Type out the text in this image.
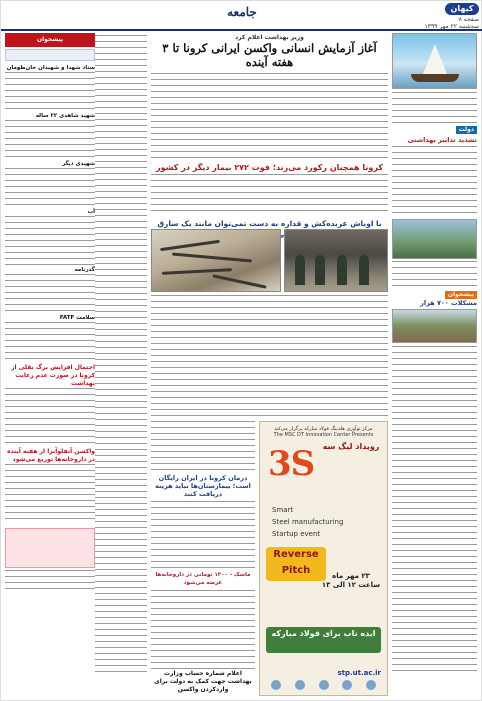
کیهان
صفحه ۸
سه‌شنبه ۲۲ مهر ۱۳۹۹
جامعه
دولت
تشدید تدابیر بهداشتی
پیشخوان
مشکلات ۷۰۰ هزار
وزیر بهداشت اعلام کرد
آغاز آزمایش انسانی واکسن ایرانی کرونا تا ۳ هفته آینده
کرونا همچنان رکورد می‌زند؛ فوت ۲۷۲ بیمار دیگر در کشور
با اوباش عربده‌کش و قداره به دست تمی‌توان مانند یک سارق
مرکز نوآوری هلدینگ فولاد مبارکه پرگزار می‌کند
The MSC DT Innovation Center Presents
3S رویداد لیگ سه
Smart
Steel manufacturing
Startup event
Reverse Pitch	۲۳ مهر ماه ساعت ۱۲ الی ۱۳
ایده ناب برای فولاد مبارکه
stp.ut.ac.ir
درمان کرونا در ایران رایگان است؛ بیمارستان‌ها نباید هزینه دریافت کنند
ماسک - ۱۳۰۰ تومانی در داروخانه‌ها عرضه می‌شود
اعلام شماره حساب وزارت بهداشت جهت کمک به دولت برای واردکردن واکسن
پیشخوان
ستاد شهدا و شهیدان خان‌طومان
شهید شاهدی ۲۲ ساله
شهیدی دیگر
آب
گذرنامه
سلامت FATF
احتمال افزایش برگ نقلی از کرونا در صورت عدم رعایت بهداشت
واکسن آنفلوآنزا از هفته آینده در داروخانه‌ها توزیع می‌شود
